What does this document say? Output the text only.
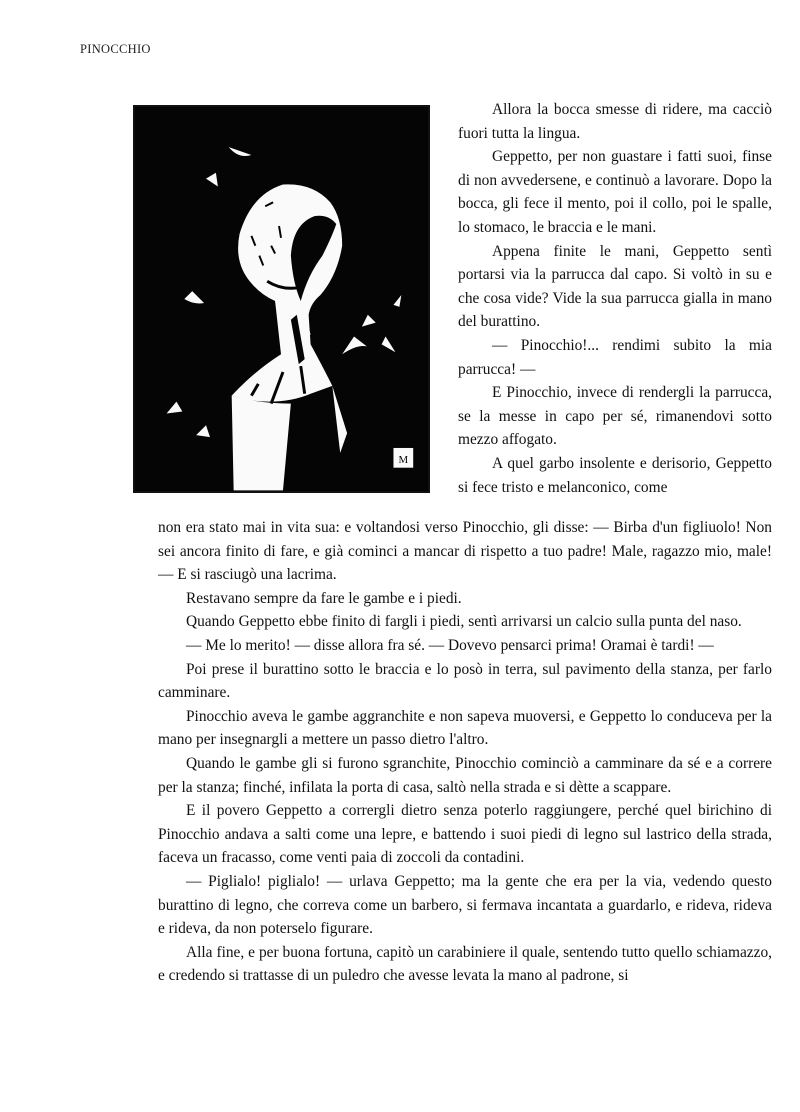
PINOCCHIO
M

Allora la bocca smesse di ridere, ma cacciò fuori tutta la lingua.

Geppetto, per non guastare i fatti suoi, finse di non avvedersene, e continuò a lavorare. Dopo la bocca, gli fece il mento, poi il collo, poi le spalle, lo stomaco, le braccia e le mani.

Appena finite le mani, Geppetto sentì portarsi via la parrucca dal capo. Si voltò in su e che cosa vide? Vide la sua parrucca gialla in mano del burattino.

— Pinocchio!... rendimi subito la mia parrucca! —

E Pinocchio, invece di rendergli la parrucca, se la messe in capo per sé, rimanendovi sotto mezzo affogato.

A quel garbo insolente e derisorio, Geppetto si fece tristo e melanconico, come

non era stato mai in vita sua: e voltandosi verso Pinocchio, gli disse: — Birba d'un figliuolo! Non sei ancora finito di fare, e già cominci a mancar di rispetto a tuo padre! Male, ragazzo mio, male! — E si rasciugò una lacrima.

Restavano sempre da fare le gambe e i piedi.

Quando Geppetto ebbe finito di fargli i piedi, sentì arrivarsi un calcio sulla punta del naso.

— Me lo merito! — disse allora fra sé. — Dovevo pensarci prima! Oramai è tardi! —

Poi prese il burattino sotto le braccia e lo posò in terra, sul pavimento della stanza, per farlo camminare.

Pinocchio aveva le gambe aggranchite e non sapeva muoversi, e Geppetto lo conduceva per la mano per insegnargli a mettere un passo dietro l'altro.

Quando le gambe gli si furono sgranchite, Pinocchio cominciò a camminare da sé e a correre per la stanza; finché, infilata la porta di casa, saltò nella strada e si dètte a scappare.

E il povero Geppetto a corrergli dietro senza poterlo raggiungere, perché quel birichino di Pinocchio andava a salti come una lepre, e battendo i suoi piedi di legno sul lastrico della strada, faceva un fracasso, come venti paia di zoccoli da contadini.

— Piglialo! piglialo! — urlava Geppetto; ma la gente che era per la via, vedendo questo burattino di legno, che correva come un barbero, si fermava incantata a guardarlo, e rideva, rideva e rideva, da non poterselo figurare.

Alla fine, e per buona fortuna, capitò un carabiniere il quale, sentendo tutto quello schiamazzo, e credendo si trattasse di un puledro che avesse levata la mano al padrone, si
